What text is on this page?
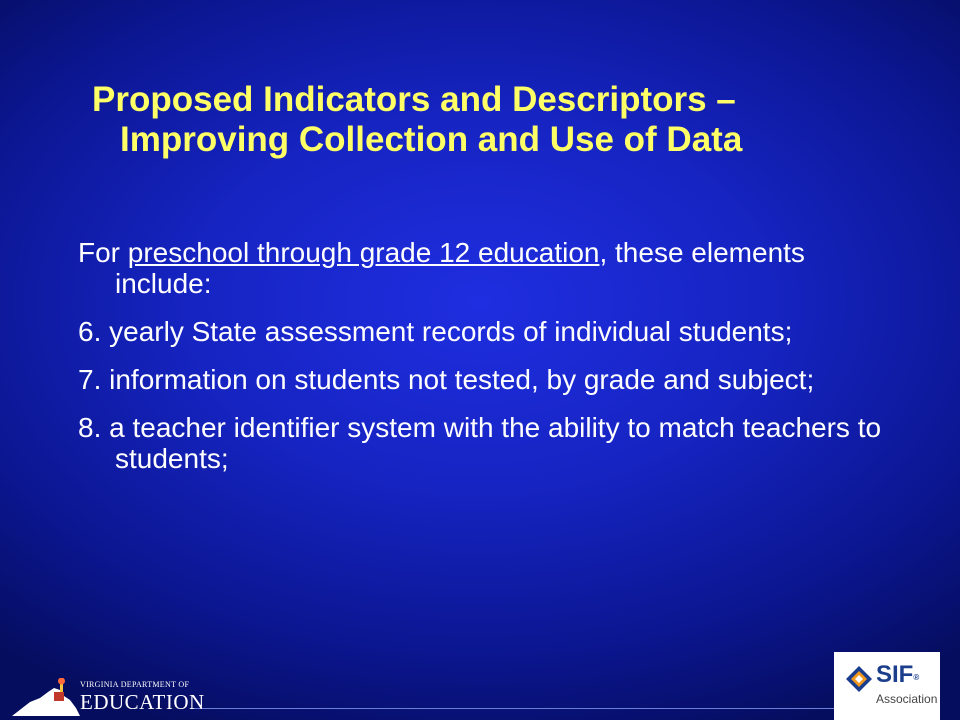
Proposed Indicators and Descriptors –
Improving Collection and Use of Data

For preschool through grade 12 education, these elements include:

6. yearly State assessment records of individual students;

7. information on students not tested, by grade and subject;

8. a teacher identifier system with the ability to match teachers to students;

VIRGINIA DEPARTMENT OF
EDUCATION
SIF®
Association
